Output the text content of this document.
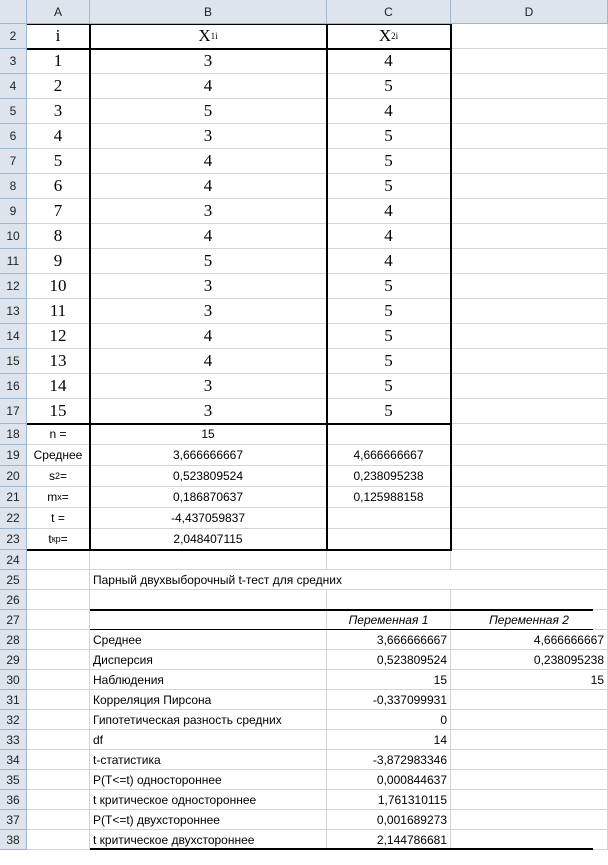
A	B	C	D
2 i	X 1i	X 2i
3 1	3	4
4 2	4	5
5 3	5	4
6 4	3	5
7 5	4	5
8 6	4	5
9 7	3	4
10 8	4	4
11 9	5	4
12 10	3	5
13 11	3	5
14 12	4	5
15 13	4	5
16 14	3	5
17 15	3	5
18 n =	15
19 Среднее	3,666666667	4,666666667
20 s 2 =	0,523809524	0,238095238
21 m x =	0,186870637	0,125988158
22	t =	-4,437059837
23 t кр =	2,048407115
24
26
25	Парный двухвыборочный t-тест для средних
27	Переменная 1	Переменная 2
28	Среднее	3,666666667	4,666666667
29	Дисперсия	0,523809524	0,238095238
30	Наблюдения	15	15
31	Корреляция Пирсона	-0,337099931
32	Гипотетическая разность средних	0
33	df	14
34	t-статистика	-3,872983346
35	P(T<=t) одностороннее	0,000844637
36	t критическое одностороннее	1,761310115
37	P(T<=t) двухстороннее	0,001689273
38	t критическое двухстороннее	2,144786681
